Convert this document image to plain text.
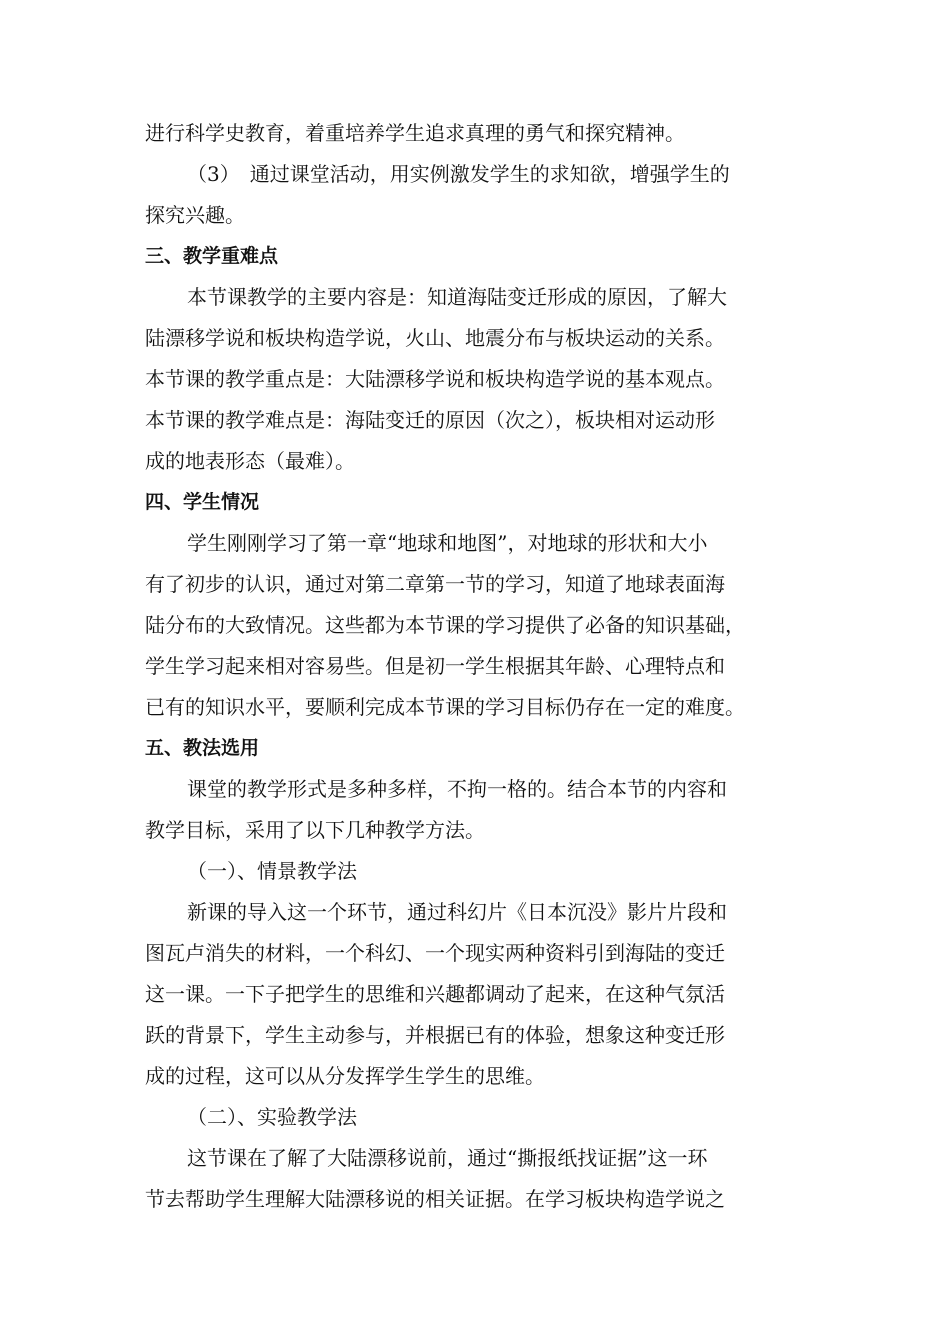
进行科学史教育，着重培养学生追求真理的勇气和探究精神。
（3）　通过课堂活动，用实例激发学生的求知欲，增强学生的
探究兴趣。
三、教学重难点
本节课教学的主要内容是：知道海陆变迁形成的原因，了解大
陆漂移学说和板块构造学说，火山、地震分布与板块运动的关系。
本节课的教学重点是：大陆漂移学说和板块构造学说的基本观点。
本节课的教学难点是：海陆变迁的原因（次之），板块相对运动形
成的地表形态（最难）。
四、学生情况
学生刚刚学习了第一章“地球和地图”，对地球的形状和大小
有了初步的认识，通过对第二章第一节的学习，知道了地球表面海
陆分布的大致情况。这些都为本节课的学习提供了必备的知识基础，
学生学习起来相对容易些。但是初一学生根据其年龄、心理特点和
已有的知识水平，要顺利完成本节课的学习目标仍存在一定的难度。
五、教法选用
课堂的教学形式是多种多样，不拘一格的。结合本节的内容和
教学目标，采用了以下几种教学方法。
（一）、情景教学法
新课的导入这一个环节，通过科幻片《日本沉没》影片片段和
图瓦卢消失的材料，一个科幻、一个现实两种资料引到海陆的变迁
这一课。一下子把学生的思维和兴趣都调动了起来，在这种气氛活
跃的背景下，学生主动参与，并根据已有的体验，想象这种变迁形
成的过程，这可以从分发挥学生学生的思维。
（二）、实验教学法
这节课在了解了大陆漂移说前，通过“撕报纸找证据”这一环
节去帮助学生理解大陆漂移说的相关证据。在学习板块构造学说之
